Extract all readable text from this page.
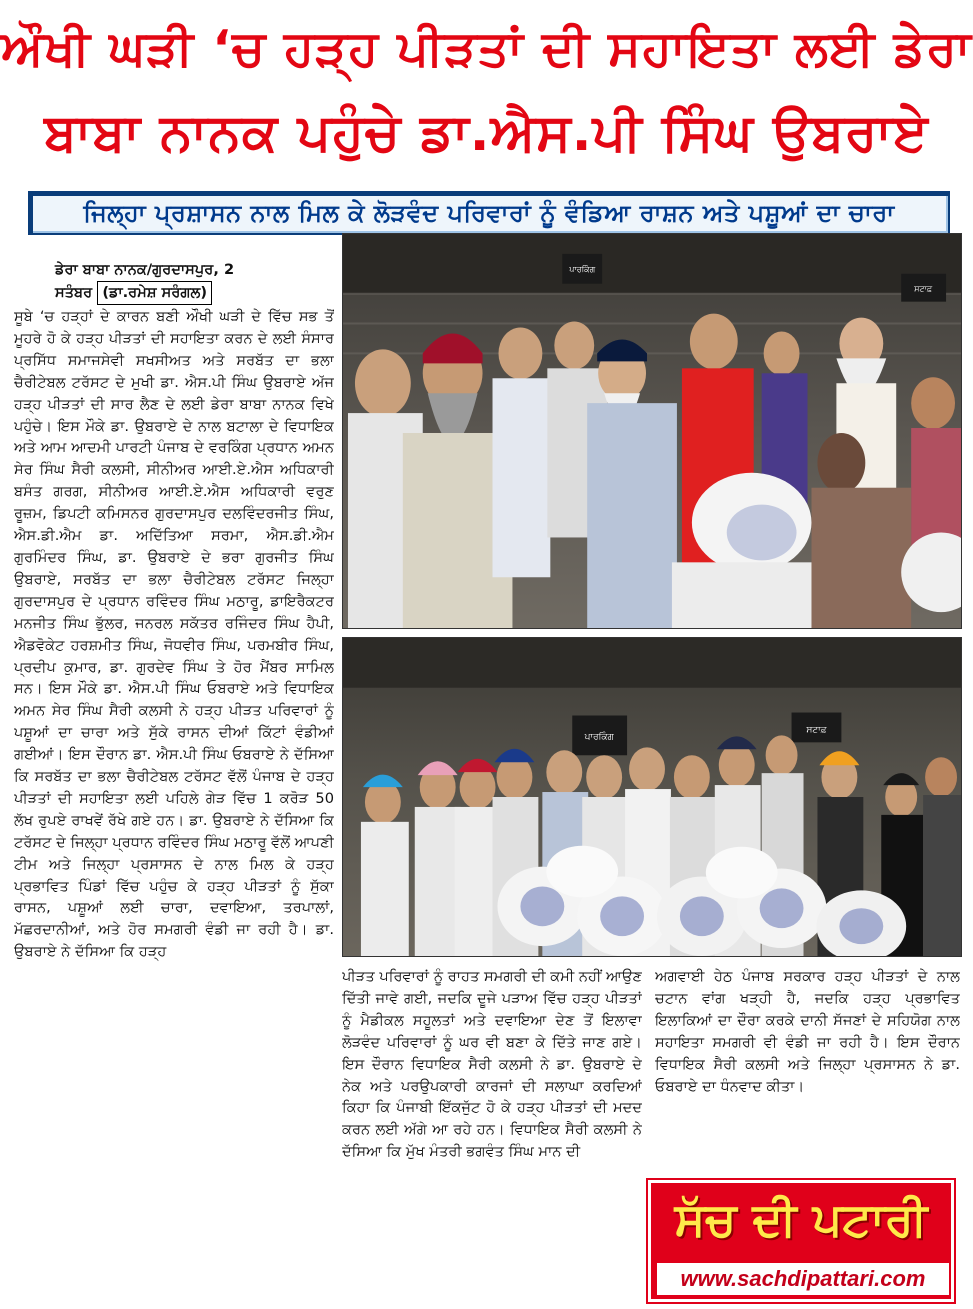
ਔਖੀ ਘੜੀ ‘ਚ ਹੜ੍ਹ ਪੀੜਤਾਂ ਦੀ ਸਹਾਇਤਾ ਲਈ ਡੇਰਾ
ਬਾਬਾ ਨਾਨਕ ਪਹੁੰਚੇ ਡਾ.ਐਸ.ਪੀ ਸਿੰਘ ਉਬਰਾਏ
ਜਿਲ੍ਹਾ ਪ੍ਰਸ਼ਾਸਨ ਨਾਲ ਮਿਲ ਕੇ ਲੋੜਵੰਦ ਪਰਿਵਾਰਾਂ ਨੂੰ ਵੰਡਿਆ ਰਾਸ਼ਨ ਅਤੇ ਪਸ਼ੂਆਂ ਦਾ ਚਾਰਾ
ਡੇਰਾ ਬਾਬਾ ਨਾਨਕ/ਗੁਰਦਾਸਪੁਰ, 2
ਸਤੰਬਰ (ਡਾ.ਰਮੇਸ਼ ਸਰੰਗਲ)
ਸੂਬੇ ‘ਚ ਹੜ੍ਹਾਂ ਦੇ ਕਾਰਨ ਬਣੀ ਔਖੀ ਘੜੀ ਦੇ ਵਿੱਚ ਸਭ ਤੋਂ ਮੂਹਰੇ ਹੋ ਕੇ ਹੜ੍ਹ ਪੀੜਤਾਂ ਦੀ ਸਹਾਇਤਾ ਕਰਨ ਦੇ ਲਈ ਸੰਸਾਰ ਪ੍ਰਸਿੱਧ ਸਮਾਜਸੇਵੀ ਸਖਸੀਅਤ ਅਤੇ ਸਰਬੱਤ ਦਾ ਭਲਾ ਚੈਰੀਟੇਬਲ ਟਰੱਸਟ ਦੇ ਮੁਖੀ ਡਾ. ਐਸ.ਪੀ ਸਿੰਘ ਉਬਰਾਏ ਅੱਜ ਹੜ੍ਹ ਪੀੜਤਾਂ ਦੀ ਸਾਰ ਲੈਣ ਦੇ ਲਈ ਡੇਰਾ ਬਾਬਾ ਨਾਨਕ ਵਿਖੇ ਪਹੁੰਚੇ। ਇਸ ਮੌਕੇ ਡਾ. ਉਬਰਾਏ ਦੇ ਨਾਲ ਬਟਾਲਾ ਦੇ ਵਿਧਾਇਕ ਅਤੇ ਆਮ ਆਦਮੀ ਪਾਰਟੀ ਪੰਜਾਬ ਦੇ ਵਰਕਿੰਗ ਪ੍ਰਧਾਨ ਅਮਨ ਸੇਰ ਸਿੰਘ ਸੈਰੀ ਕਲਸੀ, ਸੀਨੀਅਰ ਆਈ.ਏ.ਐਸ ਅਧਿਕਾਰੀ ਬਸੰਤ ਗਰਗ, ਸੀਨੀਅਰ ਆਈ.ਏ.ਐਸ ਅਧਿਕਾਰੀ ਵਰੁਣ ਰੂਜ਼ਮ, ਡਿਪਟੀ ਕਮਿਸਨਰ ਗੁਰਦਾਸਪੁਰ ਦਲਵਿੰਦਰਜੀਤ ਸਿੰਘ, ਐਸ.ਡੀ.ਐਮ ਡਾ. ਅਦਿੱਤਿਆ ਸਰਮਾ, ਐਸ.ਡੀ.ਐਮ ਗੁਰਮਿੰਦਰ ਸਿੰਘ, ਡਾ. ਉਬਰਾਏ ਦੇ ਭਰਾ ਗੁਰਜੀਤ ਸਿੰਘ ਉਬਰਾਏ, ਸਰਬੱਤ ਦਾ ਭਲਾ ਚੈਰੀਟੇਬਲ ਟਰੱਸਟ ਜਿਲ੍ਹਾ ਗੁਰਦਾਸਪੁਰ ਦੇ ਪ੍ਰਧਾਨ ਰਵਿੰਦਰ ਸਿੰਘ ਮਠਾਰੂ, ਡਾਇਰੈਕਟਰ ਮਨਜੀਤ ਸਿੰਘ ਭੁੱਲਰ, ਜਨਰਲ ਸਕੱਤਰ ਰਜਿੰਦਰ ਸਿੰਘ ਹੈਪੀ, ਐਡਵੋਕੇਟ ਹਰਸ਼ਮੀਤ ਸਿੰਘ, ਜੋਧਵੀਰ ਸਿੰਘ, ਪਰਮਬੀਰ ਸਿੰਘ, ਪ੍ਰਦੀਪ ਕੁਮਾਰ, ਡਾ. ਗੁਰਦੇਵ ਸਿੰਘ ਤੇ ਹੋਰ ਮੈਂਬਰ ਸਾਮਿਲ ਸਨ। ਇਸ ਮੌਕੇ ਡਾ. ਐਸ.ਪੀ ਸਿੰਘ ਓਬਰਾਏ ਅਤੇ ਵਿਧਾਇਕ ਅਮਨ ਸੇਰ ਸਿੰਘ ਸੈਰੀ ਕਲਸੀ ਨੇ ਹੜ੍ਹ ਪੀੜਤ ਪਰਿਵਾਰਾਂ ਨੂੰ ਪਸ਼ੂਆਂ ਦਾ ਚਾਰਾ ਅਤੇ ਸੁੱਕੇ ਰਾਸਨ ਦੀਆਂ ਕਿੱਟਾਂ ਵੰਡੀਆਂ ਗਈਆਂ। ਇਸ ਦੌਰਾਨ ਡਾ. ਐਸ.ਪੀ ਸਿੰਘ ਓਬਰਾਏ ਨੇ ਦੱਸਿਆ ਕਿ ਸਰਬੱਤ ਦਾ ਭਲਾ ਚੈਰੀਟੇਬਲ ਟਰੱਸਟ ਵੱਲੋਂ ਪੰਜਾਬ ਦੇ ਹੜ੍ਹ ਪੀੜਤਾਂ ਦੀ ਸਹਾਇਤਾ ਲਈ ਪਹਿਲੇ ਗੇੜ ਵਿੱਚ 1 ਕਰੋੜ 50 ਲੱਖ ਰੁਪਏ ਰਾਖਵੇਂ ਰੱਖੇ ਗਏ ਹਨ। ਡਾ. ਉਬਰਾਏ ਨੇ ਦੱਸਿਆ ਕਿ ਟਰੱਸਟ ਦੇ ਜਿਲ੍ਹਾ ਪ੍ਰਧਾਨ ਰਵਿੰਦਰ ਸਿੰਘ ਮਠਾਰੂ ਵੱਲੋਂ ਆਪਣੀ ਟੀਮ ਅਤੇ ਜਿਲ੍ਹਾ ਪ੍ਰਸਾਸਨ ਦੇ ਨਾਲ ਮਿਲ ਕੇ ਹੜ੍ਹ ਪ੍ਰਭਾਵਿਤ ਪਿੰਡਾਂ ਵਿੱਚ ਪਹੁੰਚ ਕੇ ਹੜ੍ਹ ਪੀੜਤਾਂ ਨੂੰ ਸੁੱਕਾ ਰਾਸਨ, ਪਸ਼ੂਆਂ ਲਈ ਚਾਰਾ, ਦਵਾਇਆ, ਤਰਪਾਲਾਂ, ਮੱਛਰਦਾਨੀਆਂ, ਅਤੇ ਹੋਰ ਸਮਗਰੀ ਵੰਡੀ ਜਾ ਰਹੀ ਹੈ। ਡਾ. ਉਬਰਾਏ ਨੇ ਦੱਸਿਆ ਕਿ ਹੜ੍ਹ
ਪਾਰਕਿੰਗ
ਸਟਾਫ਼
ਪਾਰਕਿੰਗ
ਸਟਾਫ਼
ਪੀੜਤ ਪਰਿਵਾਰਾਂ ਨੂੰ ਰਾਹਤ ਸਮਗਰੀ ਦੀ ਕਮੀ ਨਹੀਂ ਆਉਣ ਦਿੱਤੀ ਜਾਵੇ ਗਈ, ਜਦਕਿ ਦੂਜੇ ਪੜਾਅ ਵਿੱਚ ਹੜ੍ਹ ਪੀੜਤਾਂ ਨੂੰ ਮੈਡੀਕਲ ਸਹੂਲਤਾਂ ਅਤੇ ਦਵਾਇਆ ਦੇਣ ਤੋਂ ਇਲਾਵਾ ਲੋੜਵੰਦ ਪਰਿਵਾਰਾਂ ਨੂੰ ਘਰ ਵੀ ਬਣਾ ਕੇ ਦਿੱਤੇ ਜਾਣ ਗਏ। ਇਸ ਦੌਰਾਨ ਵਿਧਾਇਕ ਸੈਰੀ ਕਲਸੀ ਨੇ ਡਾ. ਉਬਰਾਏ ਦੇ ਨੇਕ ਅਤੇ ਪਰਉਪਕਾਰੀ ਕਾਰਜਾਂ ਦੀ ਸਲਾਘਾ ਕਰਦਿਆਂ ਕਿਹਾ ਕਿ ਪੰਜਾਬੀ ਇੱਕਜੁੱਟ ਹੋ ਕੇ ਹੜ੍ਹ ਪੀੜਤਾਂ ਦੀ ਮਦਦ ਕਰਨ ਲਈ ਅੱਗੇ ਆ ਰਹੇ ਹਨ। ਵਿਧਾਇਕ ਸੈਰੀ ਕਲਸੀ ਨੇ ਦੱਸਿਆ ਕਿ ਮੁੱਖ ਮੰਤਰੀ ਭਗਵੰਤ ਸਿੰਘ ਮਾਨ ਦੀ
ਅਗਵਾਈ ਹੇਠ ਪੰਜਾਬ ਸਰਕਾਰ ਹੜ੍ਹ ਪੀੜਤਾਂ ਦੇ ਨਾਲ ਚਟਾਨ ਵਾਂਗ ਖੜ੍ਹੀ ਹੈ, ਜਦਕਿ ਹੜ੍ਹ ਪ੍ਰਭਾਵਿਤ ਇਲਾਕਿਆਂ ਦਾ ਦੌਰਾ ਕਰਕੇ ਦਾਨੀ ਸੱਜਣਾਂ ਦੇ ਸਹਿਯੋਗ ਨਾਲ ਸਹਾਇਤਾ ਸਮਗਰੀ ਵੀ ਵੰਡੀ ਜਾ ਰਹੀ ਹੈ। ਇਸ ਦੌਰਾਨ ਵਿਧਾਇਕ ਸੈਰੀ ਕਲਸੀ ਅਤੇ ਜਿਲ੍ਹਾ ਪ੍ਰਸਾਸਨ ਨੇ ਡਾ. ਓਬਰਾਏ ਦਾ ਧੰਨਵਾਦ ਕੀਤਾ।
ਸੱਚ ਦੀ ਪਟਾਰੀ
www.sachdipattari.com
